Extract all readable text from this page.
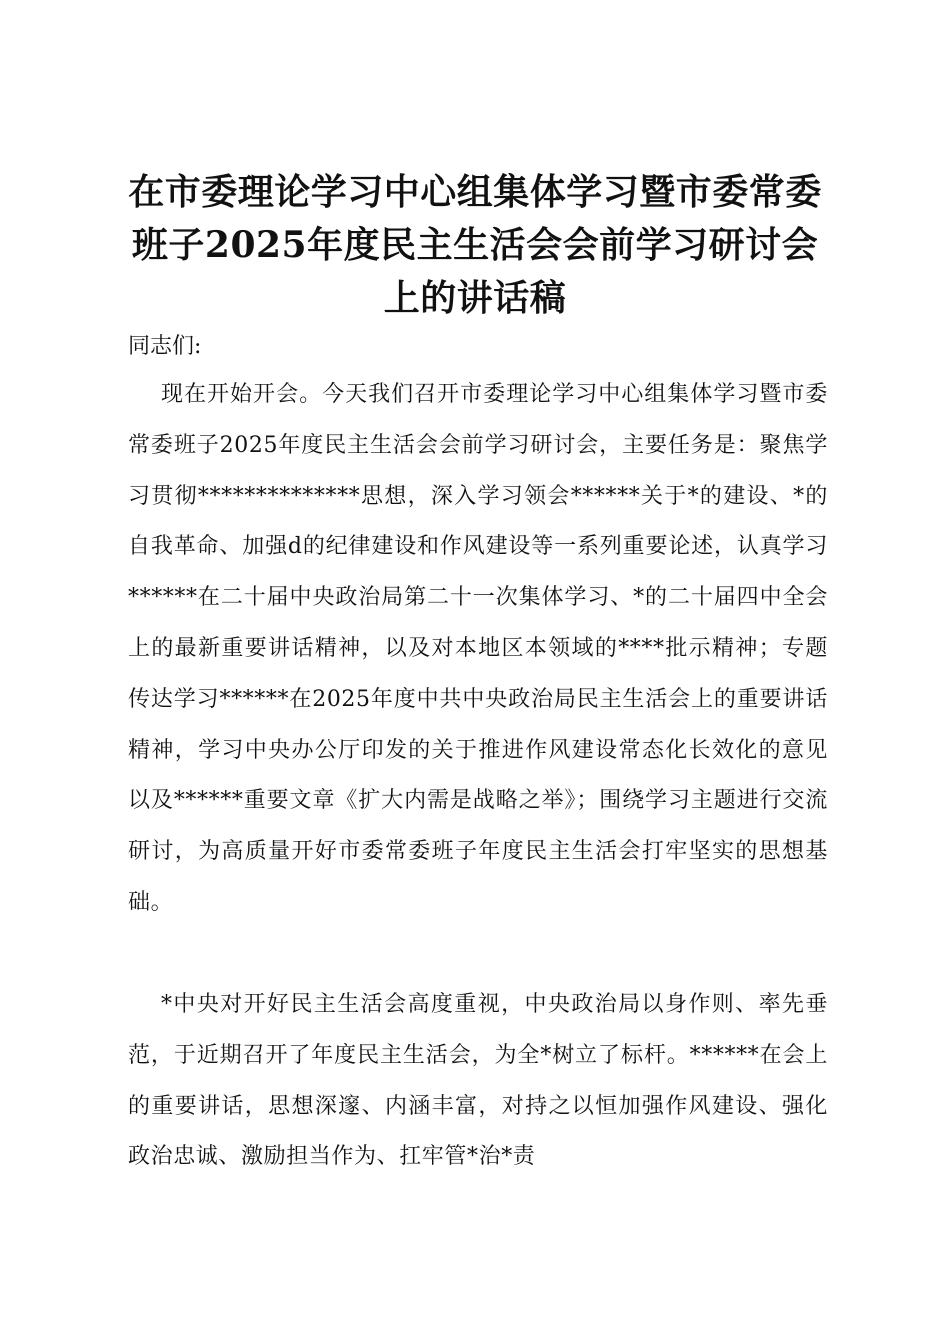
在市委理论学习中心组集体学习暨市委常委班子2025年度民主生活会会前学习研讨会上的讲话稿

同志们:

现在开始开会。今天我们召开市委理论学习中心组集体学习暨市委常委班子2025年度民主生活会会前学习研讨会，主要任务是：聚焦学习贯彻**************思想，深入学习领会******关于*的建设、*的自我革命、加强d的纪律建设和作风建设等一系列重要论述，认真学习******在二十届中央政治局第二十一次集体学习、*的二十届四中全会上的最新重要讲话精神，以及对本地区本领域的****批示精神；专题传达学习******在2025年度中共中央政治局民主生活会上的重要讲话精神，学习中央办公厅印发的关于推进作风建设常态化长效化的意见以及******重要文章《扩大内需是战略之举》；围绕学习主题进行交流研讨，为高质量开好市委常委班子年度民主生活会打牢坚实的思想基础。

*中央对开好民主生活会高度重视，中央政治局以身作则、率先垂范，于近期召开了年度民主生活会，为全*树立了标杆。******在会上的重要讲话，思想深邃、内涵丰富，对持之以恒加强作风建设、强化政治忠诚、激励担当作为、扛牢管*治*责
